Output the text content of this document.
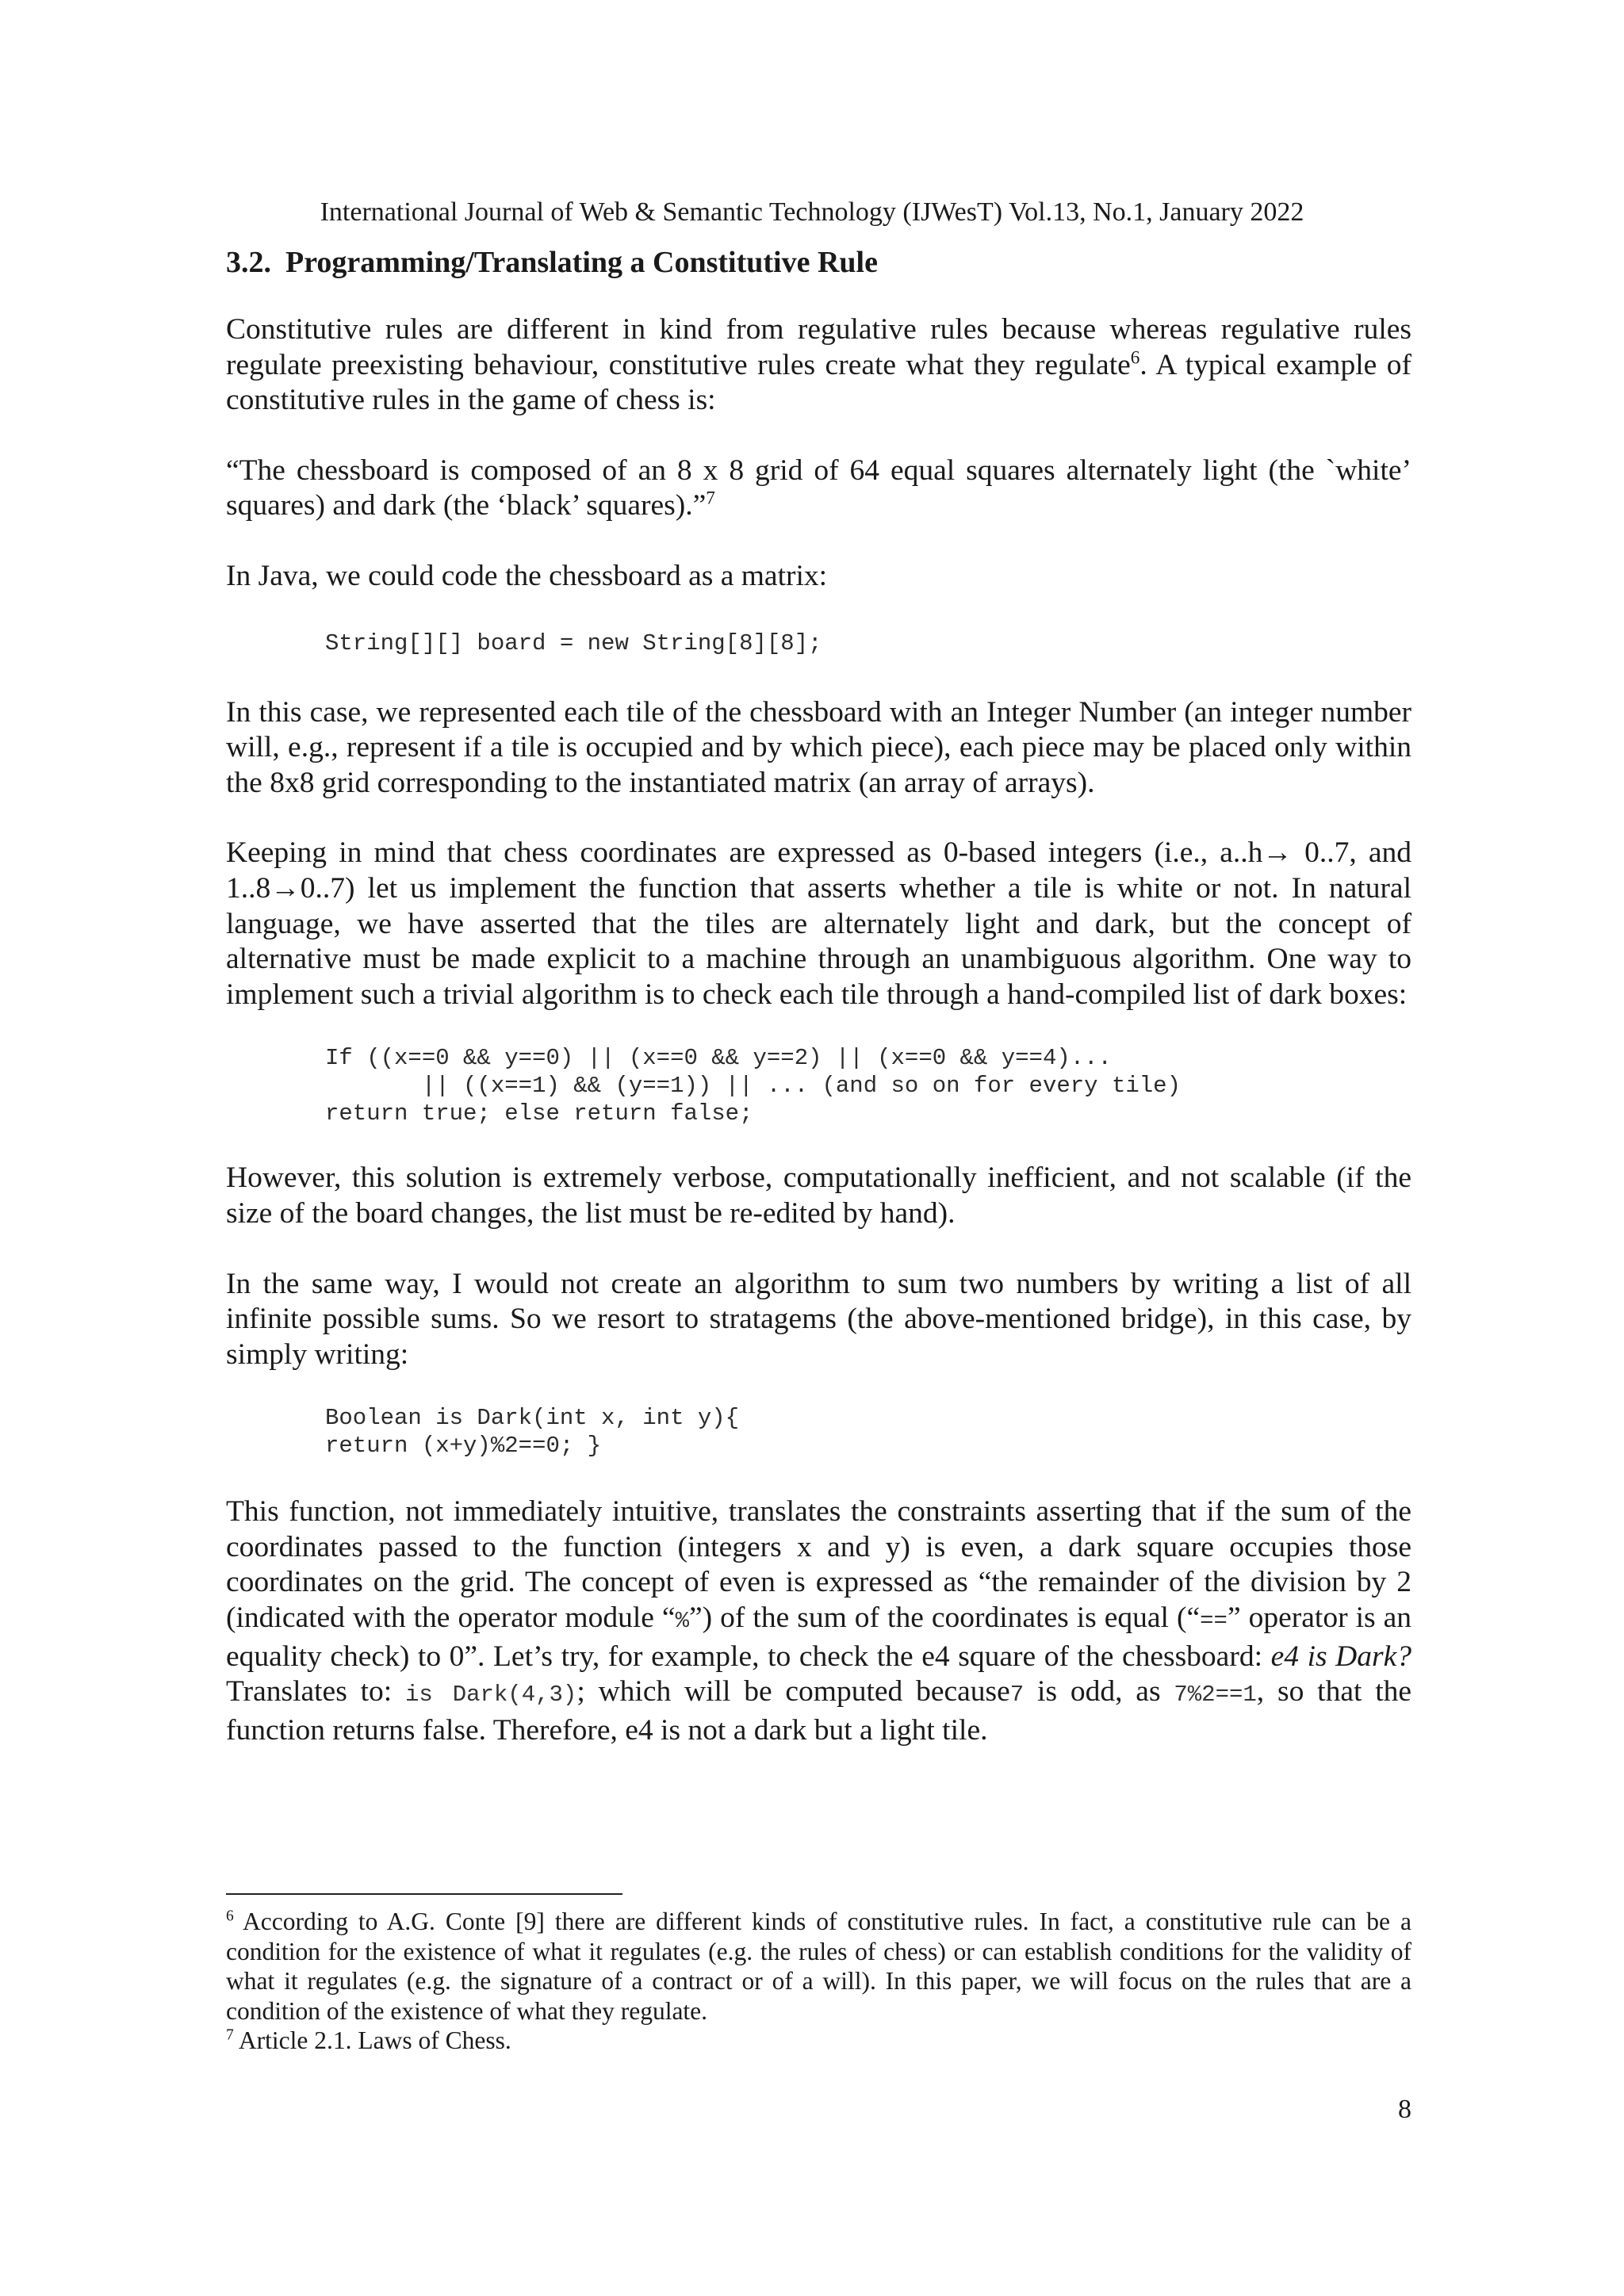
International Journal of Web & Semantic Technology (IJWesT) Vol.13, No.1, January 2022
3.2. Programming/Translating a Constitutive Rule

Constitutive rules are different in kind from regulative rules because whereas regulative rules regulate preexisting behaviour, constitutive rules create what they regulate$^6$. A typical example of constitutive rules in the game of chess is:

“The chessboard is composed of an 8 x 8 grid of 64 equal squares alternately light (the `white’ squares) and dark (the ‘black’ squares).”$^7$

In Java, we could code the chessboard as a matrix:

String[][] board = new String[8][8];

In this case, we represented each tile of the chessboard with an Integer Number (an integer number will, e.g., represent if a tile is occupied and by which piece), each piece may be placed only within the 8x8 grid corresponding to the instantiated matrix (an array of arrays).

Keeping in mind that chess coordinates are expressed as 0-based integers (i.e., a..h→ 0..7, and 1..8→0..7) let us implement the function that asserts whether a tile is white or not. In natural language, we have asserted that the tiles are alternately light and dark, but the concept of alternative must be made explicit to a machine through an unambiguous algorithm. One way to implement such a trivial algorithm is to check each tile through a hand-compiled list of dark boxes:

If ((x==0 && y==0) || (x==0 && y==2) || (x==0 && y==4)...
|| ((x==1) && (y==1)) || ... (and so on for every tile)
return true; else return false;

However, this solution is extremely verbose, computationally inefficient, and not scalable (if the size of the board changes, the list must be re-edited by hand).

In the same way, I would not create an algorithm to sum two numbers by writing a list of all infinite possible sums. So we resort to stratagems (the above-mentioned bridge), in this case, by simply writing:

Boolean is Dark(int x, int y){
return (x+y)%2==0; }

This function, not immediately intuitive, translates the constraints asserting that if the sum of the coordinates passed to the function (integers x and y) is even, a dark square occupies those coordinates on the grid. The concept of even is expressed as “the remainder of the division by 2 (indicated with the operator module “%”) of the sum of the coordinates is equal (“==” operator is an equality check) to 0”. Let’s try, for example, to check the e4 square of the chessboard: e4 is Dark? Translates to: is Dark(4,3); which will be computed because7 is odd, as 7%2==1, so that the function returns false. Therefore, e4 is not a dark but a light tile.

$^6$ According to A.G. Conte [9] there are different kinds of constitutive rules. In fact, a constitutive rule can be a condition for the existence of what it regulates (e.g. the rules of chess) or can establish conditions for the validity of what it regulates (e.g. the signature of a contract or of a will). In this paper, we will focus on the rules that are a condition of the existence of what they regulate.

$^7$ Article 2.1. Laws of Chess.

8
